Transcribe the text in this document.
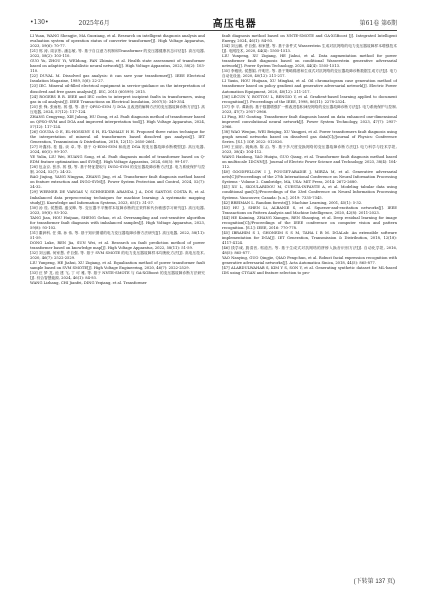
•130•	2025年6月	高压电器	第61卷 第6期

LI Yuan, WANG Shengjie, MA Guoxiang, et al. Research on intelligent diagnosis analysis and evaluation system of operation status of converter transformer[J]. High Voltage Apparatus, 2023, 59(6): 70-77.

[21] 郭 涛, 周京彤, 潘志敏, 等. 基于自注意力机制和Transformer 的变压器健康状态评估[J]. 高压电器, 2022, 58(2): 103-110.

GUO Yu, ZHOU Yi, WEIdong, PAN Zhimin, et al. Health state assessment of transformer based on adaptive probabilistic neural network[J]. High Voltage Apparatus, 2022, 58(2): 103-110.

[22] DUVAL M. Dissolved gas analysis: it can save your transformer[J]. IEEE Electrical Insulation Magazine, 1989, 5(6): 22-27.

[23] IEC. Mineral oil-filled electrical equipment in service-guidance on the interpretation of dissolved and free gases analysis[J]. IEC, 2015 (60599): 2015.

[24] ROGERS R R. IEEE and IEC codes to interpret incipient faults in transformers, using gas in oil analysis[J]. IEEE Transactions on Electrical Insulation, 2007(5): 349-354.

[25] 张 锋, 张雨松, 郭 强, 等. 基于 QPSO-SVM 与 DGA 且改进的解释方法的变压器故障诊断方法[J]. 高压电器, 2024, 57(12): 117-124.

ZHANG Cengyeng, XIE Julong, HU Dong, et al. Fault diagnosis method of transformer based on QPSO-SVM and DGA and improved interpretation tool[J]. High Voltage Apparatus, 2024, 57(12): 117-124.

[26] GOUDA O E, EL-HOSSINY S H, EL-TAMALY H H. Proposed three ratios technique for the interpretation of mineral oil transformers based dissolved gas analysis[J]. IET Generation, Transmission & Distribution, 2018, 12(11): 2650-2661.

[27] 叶鑫伟, 桂 磊, 谈 卓, 等. 基于 Q-EDM-SVM 和改进 DGA 的变压器故障诊断模型[J]. 高压电器, 2024, 60(5): 99-107.

YE Yulin, LIU Wei, HUANG Song, et al. Fault diagnosis model of transformer based on Q-EDM feature optimization and SVM[J]. High Voltage Apparatus, 2024, 60(5): 99-107.

[28] 包金京, 张彦, 郭 强, 等. 基于特征提取与 INGO-SVM 的变压器故障诊断方法[J]. 电力系统保护与控制, 2024, 52(7): 24-32.

BAO Jinjing, YANG Ningyan, ZHANG Jing, et al. Transformer fault diagnosis method based on feature extraction and INGO-SVM[J]. Power System Protection and Control, 2024, 52(7): 24-32.

[29] WERNER DE VARGAS V, SCHNEIDER ARANDA J A, DOS SANTOS COSTA R, et al. Imbalanced data preprocessing techniques for machine learning: A systematic mapping study[J]. Knowledge and Information Systems, 2023, 65(1): 31-57.

[30] 汤 桂, 侯慧娟, 盛戈皞, 等. 变压器不平衡样本故障诊断的过采样和代价敏感学习研究[J]. 高压电器, 2023, 59(8): 93-102.

TANG Jian, HOU Huijuan, SHENG Gehao, et al. Oversampling and cost-sensitive algorithm for transformer fault diagnosis with imbalanced samples[J]. High Voltage Apparatus, 2023, 59(8): 93-102.

[31] 董润科, 任 婧, 孙 伟, 等. 基于知识图谱的电力变压器故障诊断方法研究[J]. 高压电器, 2022, 58(11): 51-59.

DONG Luke, REN Jia, SUN Wei, et al. Research on fault prediction method of power transformer based on knowledge map[J]. High Voltage Apparatus, 2022, 58(11): 51-59.

[32] 刘云鹏, 何家慧, 许自强, 等. 基于 SVM SMOTE 的电力变压器故障样本均衡化方法[J]. 高电压技术, 2020, 46(7): 2522-2529.

LIU Yunpeng, HE Jiahui, XU Ziqiang, et al. Equalization method of power transformer fault sample based on SVM SMOTE[J]. High Voltage Engineering, 2020, 46(7): 2522-2529.

[33] 汪 梦 龙, 池 建 飞, 丁 可 雅, 等. 基于 NNTE-SMOTE 与 GA-XGBoost 的变压器故障诊断方法研究[J]. 综合智慧能源, 2024, 46(1): 84-93.

WANG Lizhang, CHI Jianfei, DING Yeqiang, et al. Transformer

fault diagnosis method based on NNTE-SMOTE and GA-XGBoost [J]. Integrated Intelligent Energy, 2024, 46(1): 84-93.

[34] 刘云鹏, 许自强, 和家慧, 等. 基于条件式 Wasserstein 生成对抗网络的电力变压器故障样本增强技术[J]. 电网技术, 2020, 44(4): 1505-1513.

LIU Yunpeng, XU Ziqiang, HE Jiahui, et al. Data augmentation method for power transformer fault diagnosis based on conditional Wasserstein generative adversarial network[J]. Power System Technology, 2020, 44(4): 1505-1513.

[35] 李雅欣, 侯慧娟, 许明宏, 等. 基于策略梯度和生成式对抗网络的变压器故障诊断数据生成方法[J]. 电力自动化设备, 2020, 40(12): 211-217.

LI Yaxin, HOU Huijuan, XU Mingkai, et al. Oil chromatogram case generation method of transformer based on policy gradient and generative adversarial network[J]. Electric Power Automation Equipment, 2020, 40(12): 211-217.

[36] LECUN Y, BOTTOU L, BENGIO Y, et al. Gradient-based learning applied to document recognition[J]. Proceedings of the IEEE, 1998, 86(11): 2278-2324.

[37] 李 平, 谭新航. 基于数据增强扩一维改进卷积神经网络的变压器故障诊断方法[J]. 电力系统保护与控制, 2023, 47(7): 2957-2966.

LI Ping, HU Gonting. Transformer fault diagnosis based on data enhanced one-dimensional improved convolutional neural network[J]. Power System Technology, 2023, 47(7): 2957-2966.

[38] WAO Wenjun, WEI Beiqing, XU Yangpei, et al. Power transformers fault diagnosis using graph neural networks based on dissolved gas data[C]//Journal of Physics: Conference Series. [S.l.]: IOP, 2022: 012026.

[39] 王丽乐, 姚焕涛, 陈 沿, 等. 基于多尺度变换网络的变压器故障诊断方法[J]. 电力科学与技术学报, 2023, 38(4): 104-112.

WANG Haidong, YAO Huiqiu, GUO Qiang, et al. Transformer fault diagnosis method based on multiscale 1DCNN[J]. Journal of Electric Power Science and Technology, 2023, 38(4): 104-112.

[40] GOODFELLOW I J, POUGET-ABADIE J, MIRZA M, et al. Generative adversarial nets[C]//Proceedings of the 27th International Conference on Neural Information Processing Systems - Volume 2. Cambridge, MA, USA: MIT Press, 2014: 2672-2680.

[41] XU L, SKOULARIDOU M, CUESTA-INFANTE A, et al. Modeling tabular data using conditional gan[C]//Proceedings of the 33rd Conference on Neural Information Processing Systems. Vancouver, Canada: [s.n.], 2019: 7335-7345.

[42] BREIMAN L. Random forests[J]. Machine Learning, 2001, 45(1): 5-32.

[43] HU J, SHEN Li, ALBANIE S, et al. Squeeze-and-excitation networks[J]. IEEE Transactions on Pattern Analysis and Machine Intelligence, 2020, 42(8): 2011-2023.

[44] HE Kaiming, ZHANG Xiangyu, REN Shaoqing, et al. Deep residual learning for image recognition[C]//Proceedings of the IEEE conference on computer vision and pattern recognition. [S.l.]: IEEE, 2016: 770-778.

[45] IBRAHIM S I, GHONEIM S S M, TAHA I B M. DGALab: An extensible software implementation for DGA[J]. IET Generation, Transmission & Distribution, 2018, 12(18): 4117-4124.

[46] 钱学诚, 蔚清晋, 郭道杰, 等. 基于生成式对抗网络的拼桥入换音识别方法[J]. 自动化学报, 2016, 48(5): 865-877.

YAO Nanying, GUO Qingjie, QIAO Fengchun, et al. Robust facial expression recognition with generative adversarial networks[J]. Acta Automatica Sinica, 2018, 44(5): 865-877.

[47] ALABDULWAHAB S, KIM Y S, SON Y, et al. Generating synthetic dataset for ML-based IDS using CTGAN and feature selection to pro-

(下转第 137 页)
